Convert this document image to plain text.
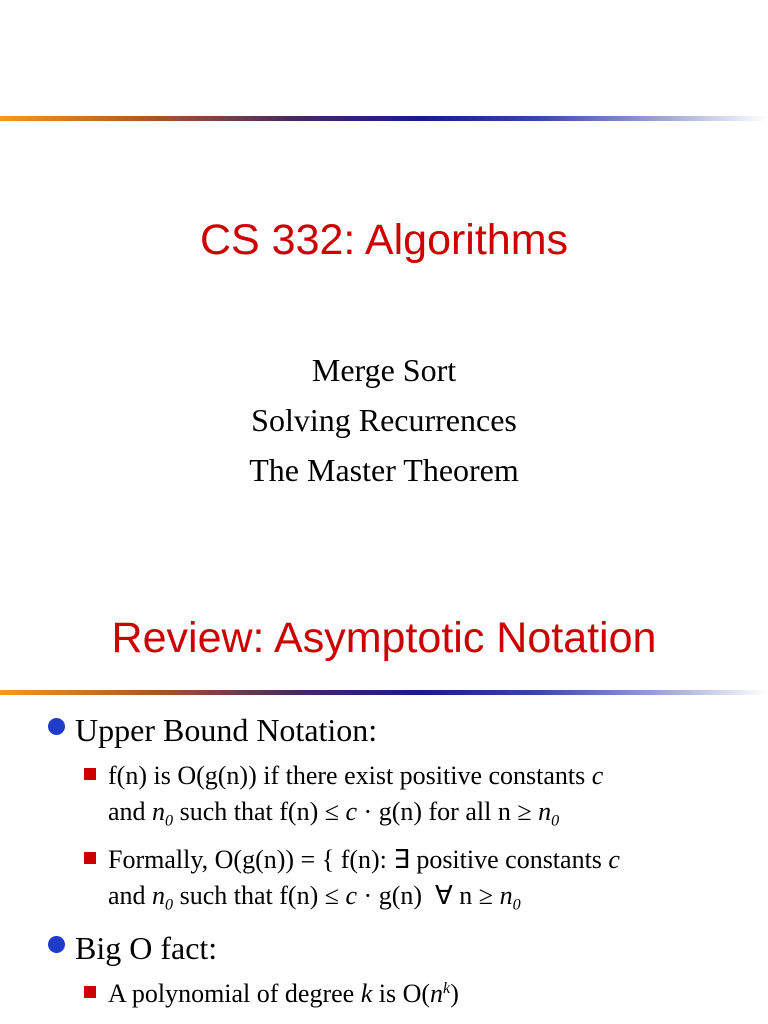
CS 332: Algorithms
Merge Sort
Solving Recurrences
The Master Theorem
Review: Asymptotic Notation
Upper Bound Notation:
f(n) is O(g(n)) if there exist positive constants c
and $n_0$ such that f(n) ≤ c · g(n) for all $n \ge n_0$
Formally, O(g(n)) = { f(n): ∃ positive constants c
and $n_0$ such that f(n) ≤ c · g(n)  ∀ $n \ge n_0$
Big O fact:
A polynomial of degree k is $O(n^k)$
